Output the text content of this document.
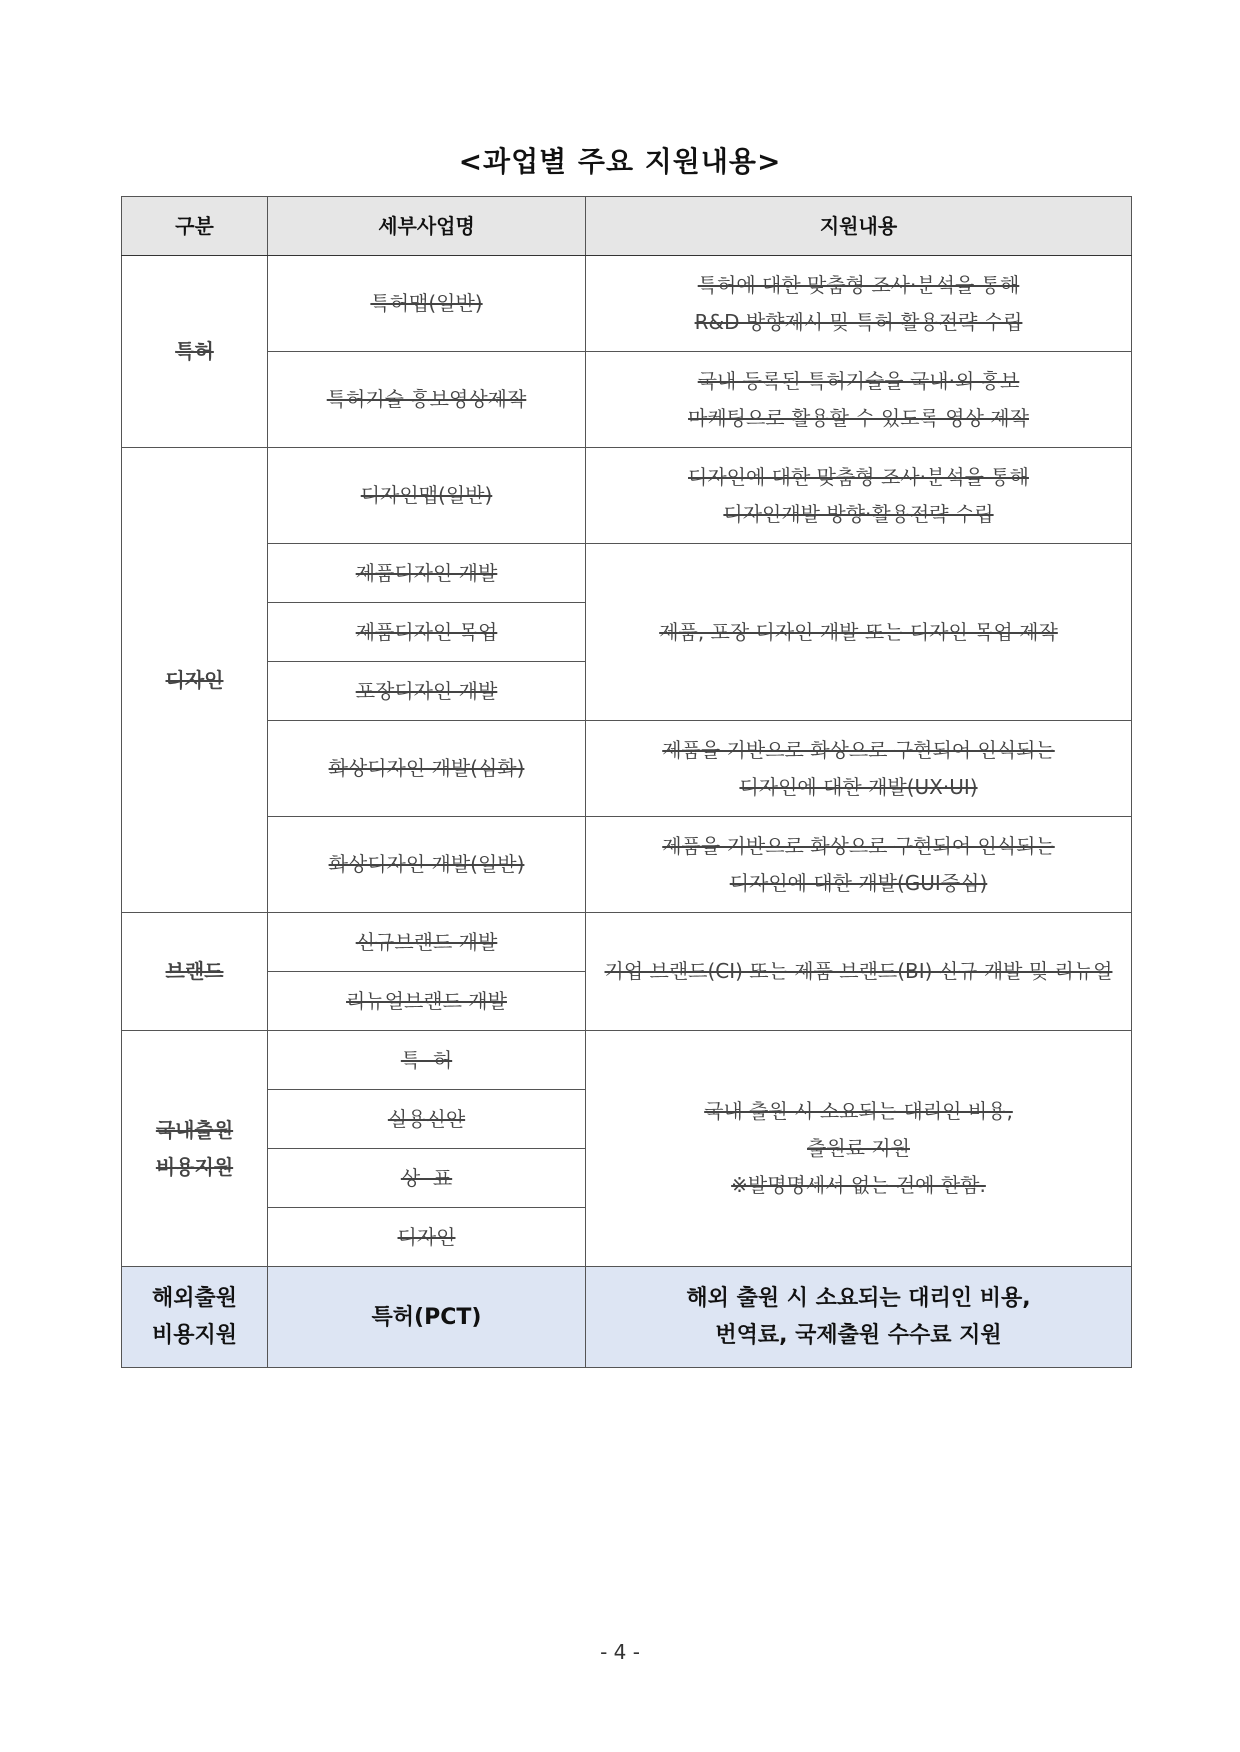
<과업별 주요 지원내용>
구분	세부사업명	지원내용
특허	특허맵(일반)	특허에 대한 맞춤형 조사·분석을 통해
R&D 방향제시 및 특허 활용전략 수립

	특허기술 홍보영상제작	국내 등록된 특허기술을 국내·외 홍보
마케팅으로 활용할 수 있도록 영상 제작

디자인	디자인맵(일반)	디자인에 대한 맞춤형 조사·분석을 통해
디자인개발 방향·활용전략 수립

	제품디자인 개발	제품, 포장 디자인 개발 또는 디자인 목업 제작
	제품디자인 목업	
	포장디자인 개발	
	화상디자인 개발(심화)	제품을 기반으로 화상으로 구현되어 인식되는
디자인에 대한 개발(UX·UI)

	화상디자인 개발(일반)	제품을 기반으로 화상으로 구현되어 인식되는
디자인에 대한 개발(GUI중심)

브랜드	신규브랜드 개발	기업 브랜드(CI) 또는 제품 브랜드(BI) 신규 개발 및 리뉴얼
	리뉴얼브랜드 개발	

국내출원
비용지원	특  허	국내 출원 시 소요되는 대리인 비용,
출원료 지원
※발명명세서 없는 건에 한함.

	실용신안	
	상  표	
	디자인	

해외출원
비용지원	특허(PCT)	해외 출원 시 소요되는 대리인 비용,
번역료, 국제출원 수수료 지원
- 4 -
